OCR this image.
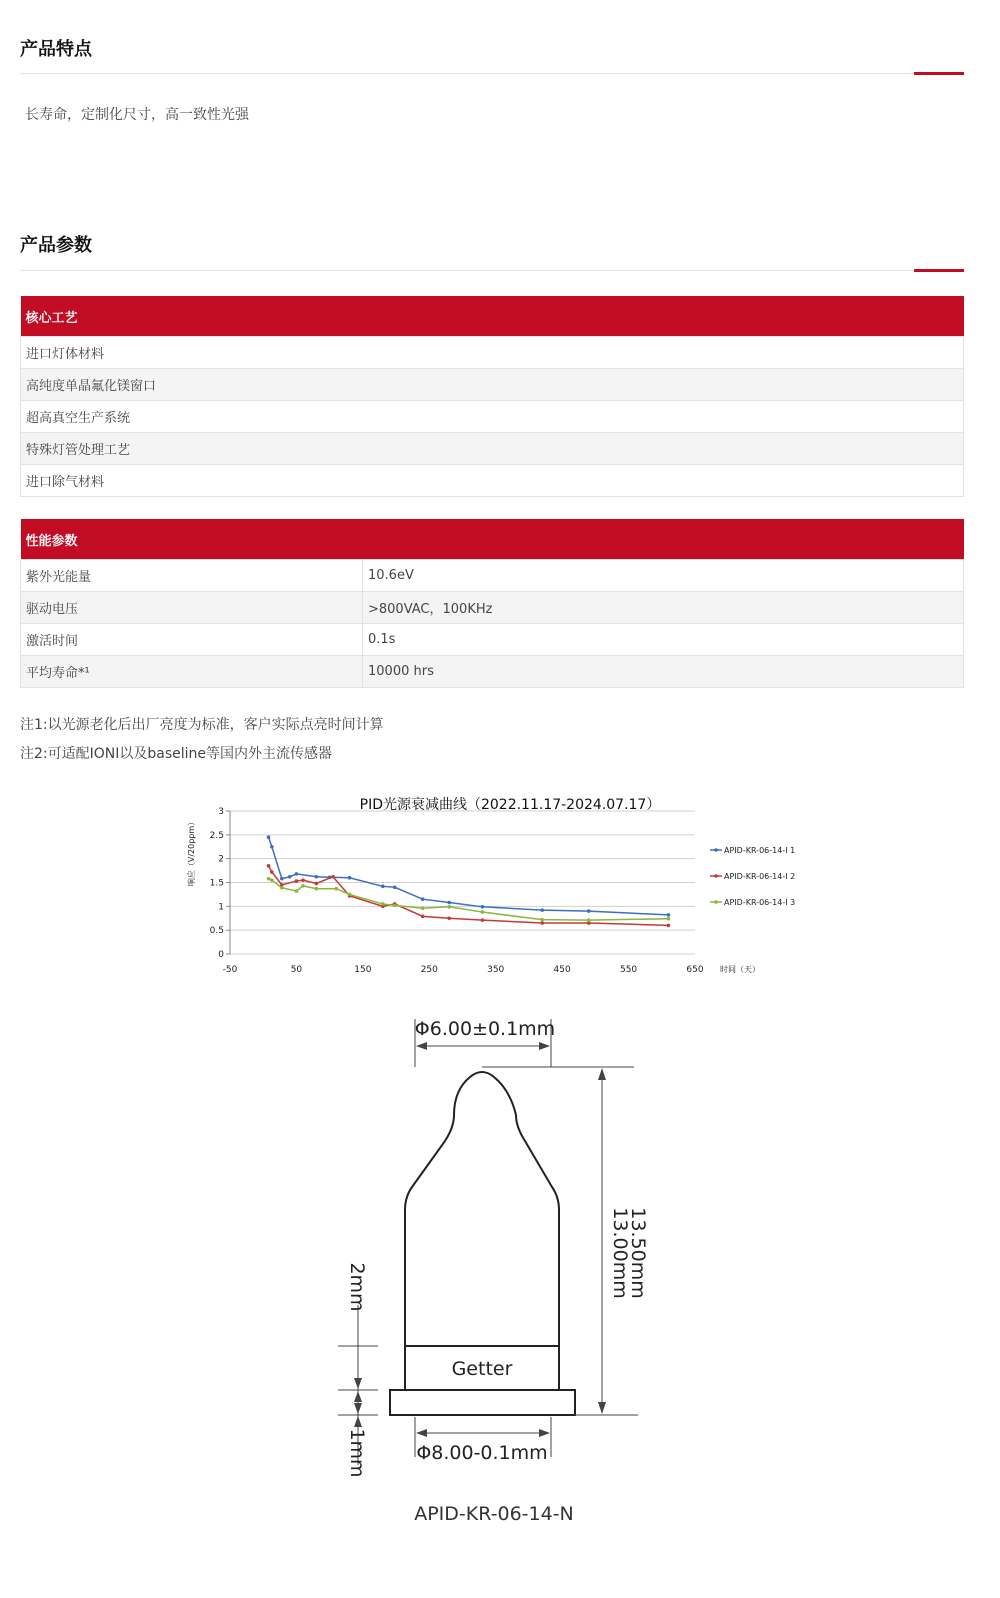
产品特点

长寿命，定制化尺寸，高一致性光强

产品参数
核心工艺
进口灯体材料
高纯度单晶氟化镁窗口
超高真空生产系统
特殊灯管处理工艺
进口除气材料
性能参数	
紫外光能量	10.6eV
驱动电压	>800VAC，100KHz
激活时间	0.1s
平均寿命*¹	10000 hrs

注1:以光源老化后出厂亮度为标准，客户实际点亮时间计算

注2:可适配IONI以及baseline等国内外主流传感器

PID光源衰减曲线（2022.11.17-2024.07.17）
响应（V/20ppm）
时间（天）
0
0.5
1
1.5
2
2.5
3
-50	50	150	250	350	450	550	650
APID-KR-06-14-I 1
APID-KR-06-14-I 2
APID-KR-06-14-I 3
Φ6.00±0.1mm
Getter
Φ8.00-0.1mm
13.50mm
13.00mm
2mm
1mm
APID-KR-06-14-N
